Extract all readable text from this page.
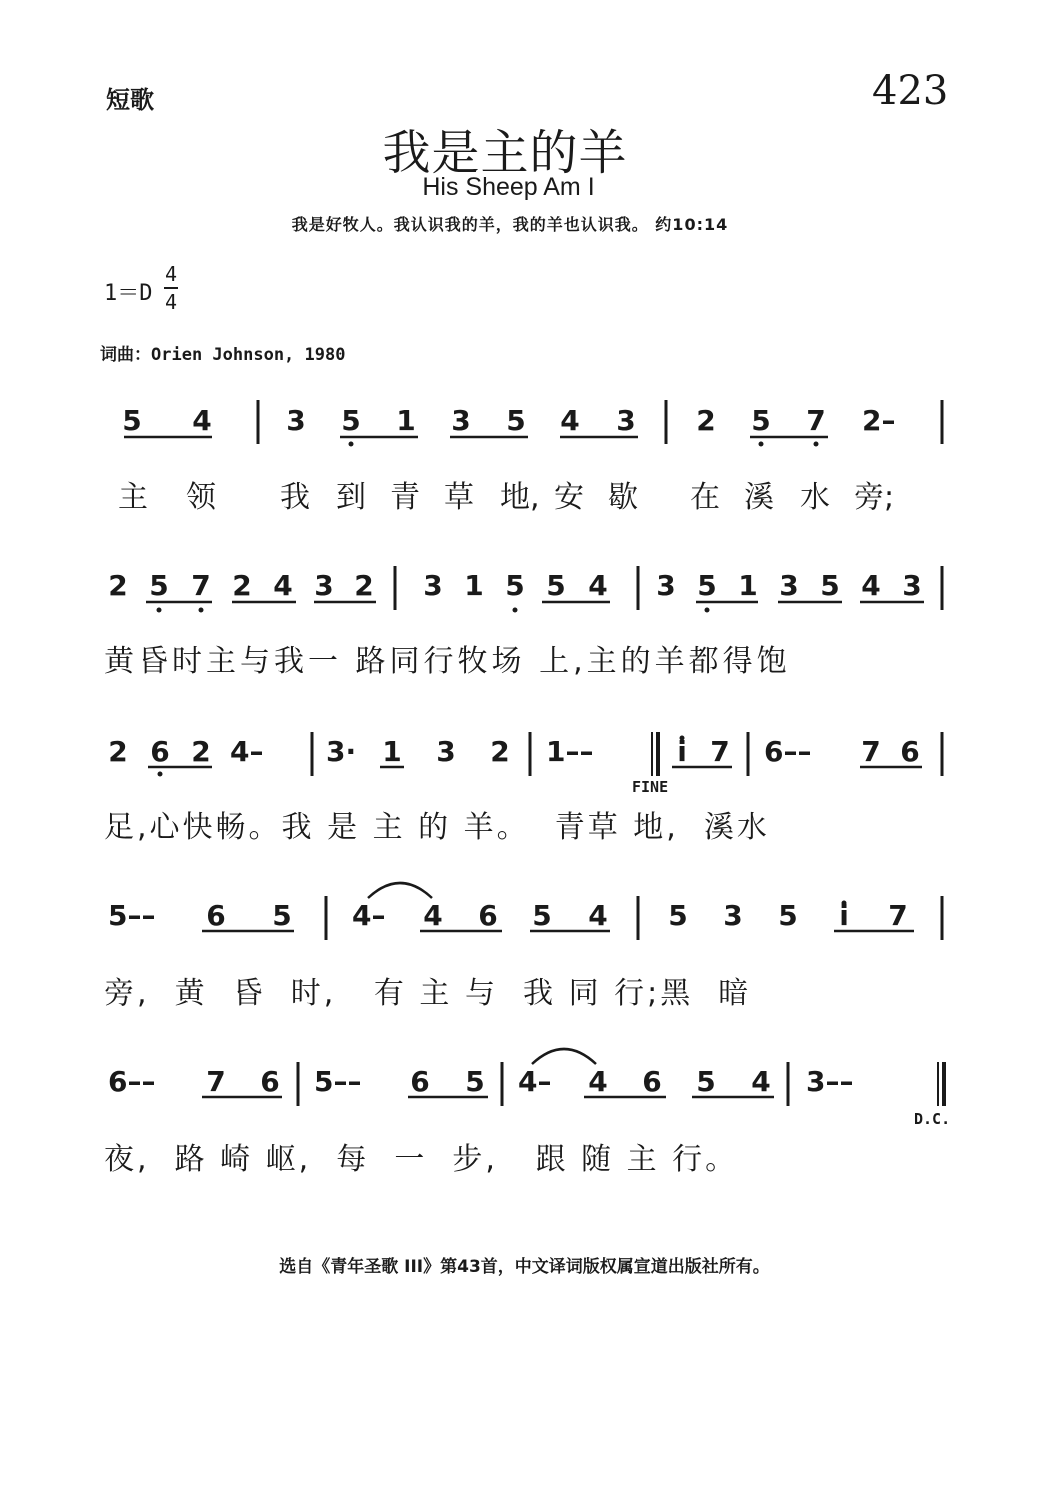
短歌	423
我是主的羊
His Sheep Am I
我是好牧人。我认识我的羊，我的羊也认识我。 约10:14
1＝D
4
4
词曲：Orien Johnson, 1980
5 4	3 5 1 3 5 4 3 2 5 7 2–
主 领 我 到 青 草 地, 安 歇 在 溪 水 旁;
2 5 7 2 4 3 2 3 1 5 5 4 3 5 1 3 5 4 3
黄昏时主与我一 路同行牧场 上,主的羊都得饱
2 6 2 4–	3· 1 3 2 1––	i 7 6––	7 6
FINE
足,心快畅。我 是 主 的 羊。  青草 地,  溪水
5––	6 5 4–	4 6 5 4 5 3 5 i 7
旁,  黄  昏  时,   有 主 与  我 同 行;黑  暗
6––	7 6 5––	6 5 4–	4 6 5 4 3––
D.C.
夜,  路 崎 岖,  每  一  步,   跟 随 主 行。
选自《青年圣歌 III》第43首，中文译词版权属宣道出版社所有。
